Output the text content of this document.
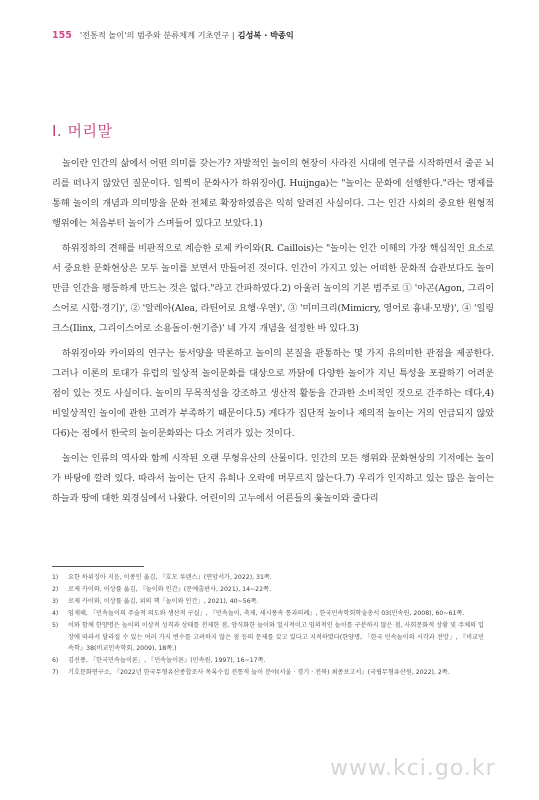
155 '전통적 놀이'의 범주와 분류체계 기초연구 | 김성복 · 박종익
I. 머리말

놀이란 인간의 삶에서 어떤 의미를 갖는가? 자발적인 놀이의 현장이 사라진 시대에 연구를 시작하면서 줄곧 뇌리를 떠나지 않았던 질문이다. 일찍이 문화사가 하위징아(J. Huijnga)는 "놀이는 문화에 선행한다."라는 명제를 통해 놀이의 개념과 의미망을 문화 전체로 확장하였음은 익히 알려진 사실이다. 그는 인간 사회의 중요한 원형적 행위에는 처음부터 놀이가 스며들어 있다고 보았다.1)

하위징하의 견해를 비판적으로 계승한 로제 카이와(R. Caillois)는 "놀이는 인간 이해의 가장 핵심적인 요소로서 중요한 문화현상은 모두 놀이를 보면서 만들어진 것이다. 인간이 가지고 있는 어떠한 문화적 습관보다도 놀이만큼 인간을 평등하게 만드는 것은 없다."라고 간파하였다.2) 아울러 놀이의 기본 범주로 ① '아곤(Agon, 그리이스어로 시합·경기)', ② '알레아(Alea, 라틴어로 요행·우연)', ③ '미미크리(Mimicry, 영어로 흉내·모방)', ④ '일링크스(Ilinx, 그리이스어로 소용돌이·현기증)' 네 가지 개념을 설정한 바 있다.3)

하위징아와 카이와의 연구는 동서양을 막론하고 놀이의 본질을 관통하는 몇 가지 유의미한 관점을 제공한다. 그러나 이론의 토대가 유럽의 일상적 놀이문화를 대상으로 까닭에 다양한 놀이가 지닌 특성을 포괄하기 어려운 점이 있는 것도 사실이다. 놀이의 무목적성을 강조하고 생산적 활동을 간과한 소비적인 것으로 간주하는 데다,4) 비일상적인 놀이에 관한 고려가 부족하기 때문이다.5) 게다가 집단적 놀이나 제의적 놀이는 거의 언급되지 않았다6)는 점에서 한국의 놀이문화와는 다소 거리가 있는 것이다.

놀이는 인류의 역사와 함께 시작된 오랜 무형유산의 산물이다. 인간의 모든 행위와 문화현상의 기저에는 놀이가 바탕에 깔려 있다. 따라서 놀이는 단지 유희나 오락에 머무르지 않는다.7) 우리가 인지하고 있는 많은 놀이는 하늘과 땅에 대한 외경심에서 나왔다. 어린이의 고누에서 어른들의 윷놀이와 줄다리

1)	요한 하위징아 지음, 이종인 옮김, 『호모 루덴스』(연암서가, 2022), 31쪽.
2)	로제 카이와, 이상률 옮김, 『놀이와 인간』(문예출판사, 2021), 14~22쪽.
3)	로제 카이와, 이상률 옮김, 위의 책「놀이와 인간」, 2021), 40~56쪽.
4)	임재해, 「민속놀이의 주술적 의도와 생산적 구실」, 『민속놀이, 축제, 세시풍속 통과의례』, 한국민속학회학술총서 03(민속원, 2008), 60~61쪽.
5)	이와 함께 한양명은 놀이의 이상적 성격과 상태를 전제한 점, 양식화한 놀이와 일시적이고 임의적인 놀이를 구분하지 않은 점, 사회문화적 상황 및 주체의 입장에 따라서 달라질 수 있는 여러 가지 변수를 고려하지 않은 점 등의 문제를 갖고 있다고 지적하였다(한양명, 「한국 민속놀이의 시각과 전망」, 『비교민속학』38(비교민속학회, 2009), 18쪽.)
6)	김선풍, 「한국민속놀이론」, 『민속놀이론』(민속원, 1997), 16~17쪽.
7)	기호문화연구소, 『2022년 한국무형유산종합조사 목록수집 전통적 놀이 분야(서울 · 경기 · 전북) 최종보고서』(국립무형유산원, 2022), 2쪽.
www.kci.go.kr
